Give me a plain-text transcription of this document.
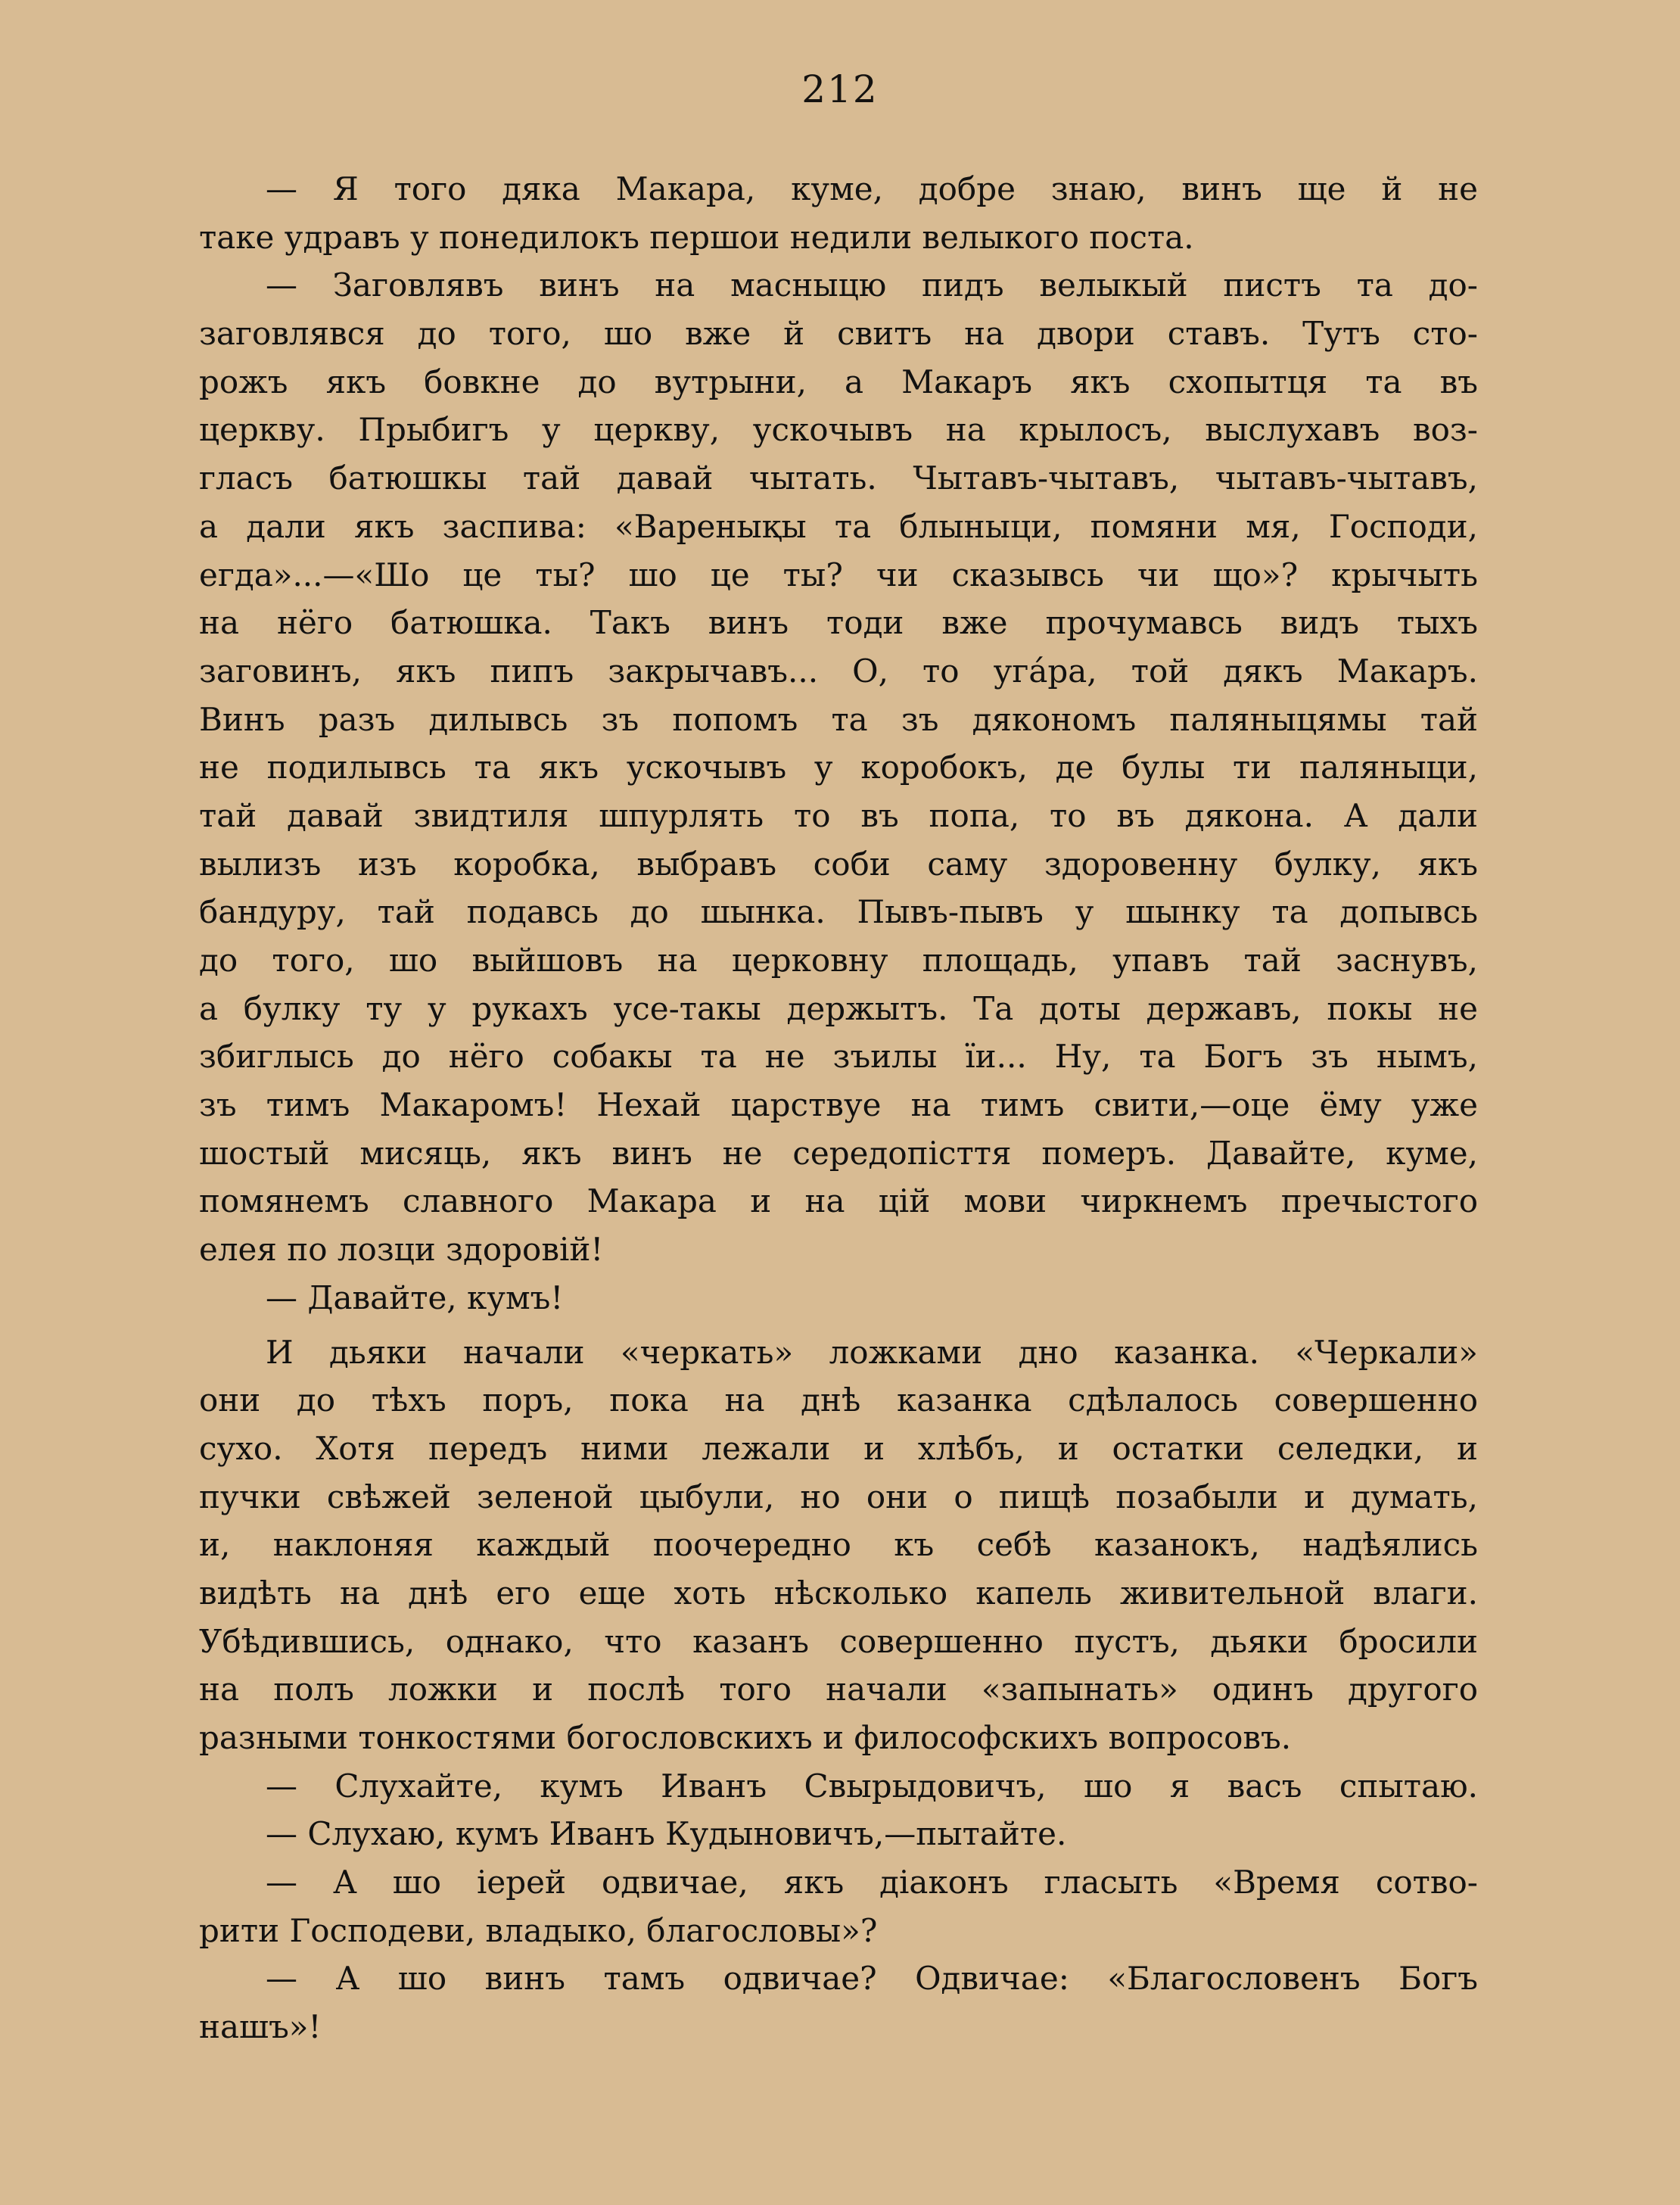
212
— Я того дяка Макара, куме, добре знаю, винъ ще й не
таке удравъ у понедилокъ першои недили велыкого поста.
— Заговлявъ винъ на масныцю пидъ велыкый пистъ та до-
заговлявся до того, шо вже й свитъ на двори ставъ. Тутъ сто-
рожъ якъ бовкне до вутрыни, а Макаръ якъ схопытця та въ
церкву. Прыбигъ у церкву, ускочывъ на крылосъ, выслухавъ воз-
гласъ батюшкы тай давай чытать. Чытавъ-чытавъ, чытавъ-чытавъ,
а дали якъ заспива: «Варенықы та блыныци, помяни мя, Господи,
егда»...—«Шо це ты? шо це ты? чи сказывсь чи що»? крычыть
на нёго батюшка. Такъ винъ тоди вже прочумавсь видъ тыхъ
заговинъ, якъ пипъ закрычавъ... О, то угáра, той дякъ Макаръ.
Винъ разъ дилывсь зъ попомъ та зъ дякономъ паляныцямы тай
не подилывсь та якъ ускочывъ у коробокъ, де булы ти паляныци,
тай давай звидтиля шпурлять то въ попа, то въ дякона. А дали
вылизъ изъ коробка, выбравъ соби саму здоровенну булку, якъ
бандуру, тай подавсь до шынка. Пывъ-пывъ у шынку та допывсь
до того, шо выйшовъ на церковну площадь, упавъ тай заснувъ,
а булку ту у рукахъ усе-такы держытъ. Та доты державъ, покы не
збиглысь до нёго собакы та не зъилы ïи... Ну, та Богъ зъ нымъ,
зъ тимъ Макаромъ! Нехай царствуе на тимъ свити,—оце ёму уже
шостый мисяць, якъ винъ не середопісття померъ. Давайте, куме,
помянемъ славного Макара и на цій мови чиркнемъ пречыстого
елея по лозци здоровій!
— Давайте, кумъ!
И дьяки начали «черкать» ложками дно казанка. «Черкали»
они до тѣхъ поръ, пока на днѣ казанка сдѣлалось совершенно
сухо. Хотя передъ ними лежали и хлѣбъ, и остатки селедки, и
пучки свѣжей зеленой цыбули, но они о пищѣ позабыли и думать,
и, наклоняя каждый поочередно къ себѣ казанокъ, надѣялись
видѣть на днѣ его еще хоть нѣсколько капель живительной влаги.
Убѣдившись, однако, что казанъ совершенно пустъ, дьяки бросили
на полъ ложки и послѣ того начали «запынать» одинъ другого
разными тонкостями богословскихъ и философскихъ вопросовъ.
— Слухайте, кумъ Иванъ Свырыдовичъ, шо я васъ спытаю.
— Слухаю, кумъ Иванъ Кудыновичъ,—пытайте.
— А шо іерей одвичае, якъ діаконъ гласыть «Время сотво-
рити Господеви, владыко, благословы»?
— А шо винъ тамъ одвичае? Одвичае: «Благословенъ Богъ
нашъ»!
